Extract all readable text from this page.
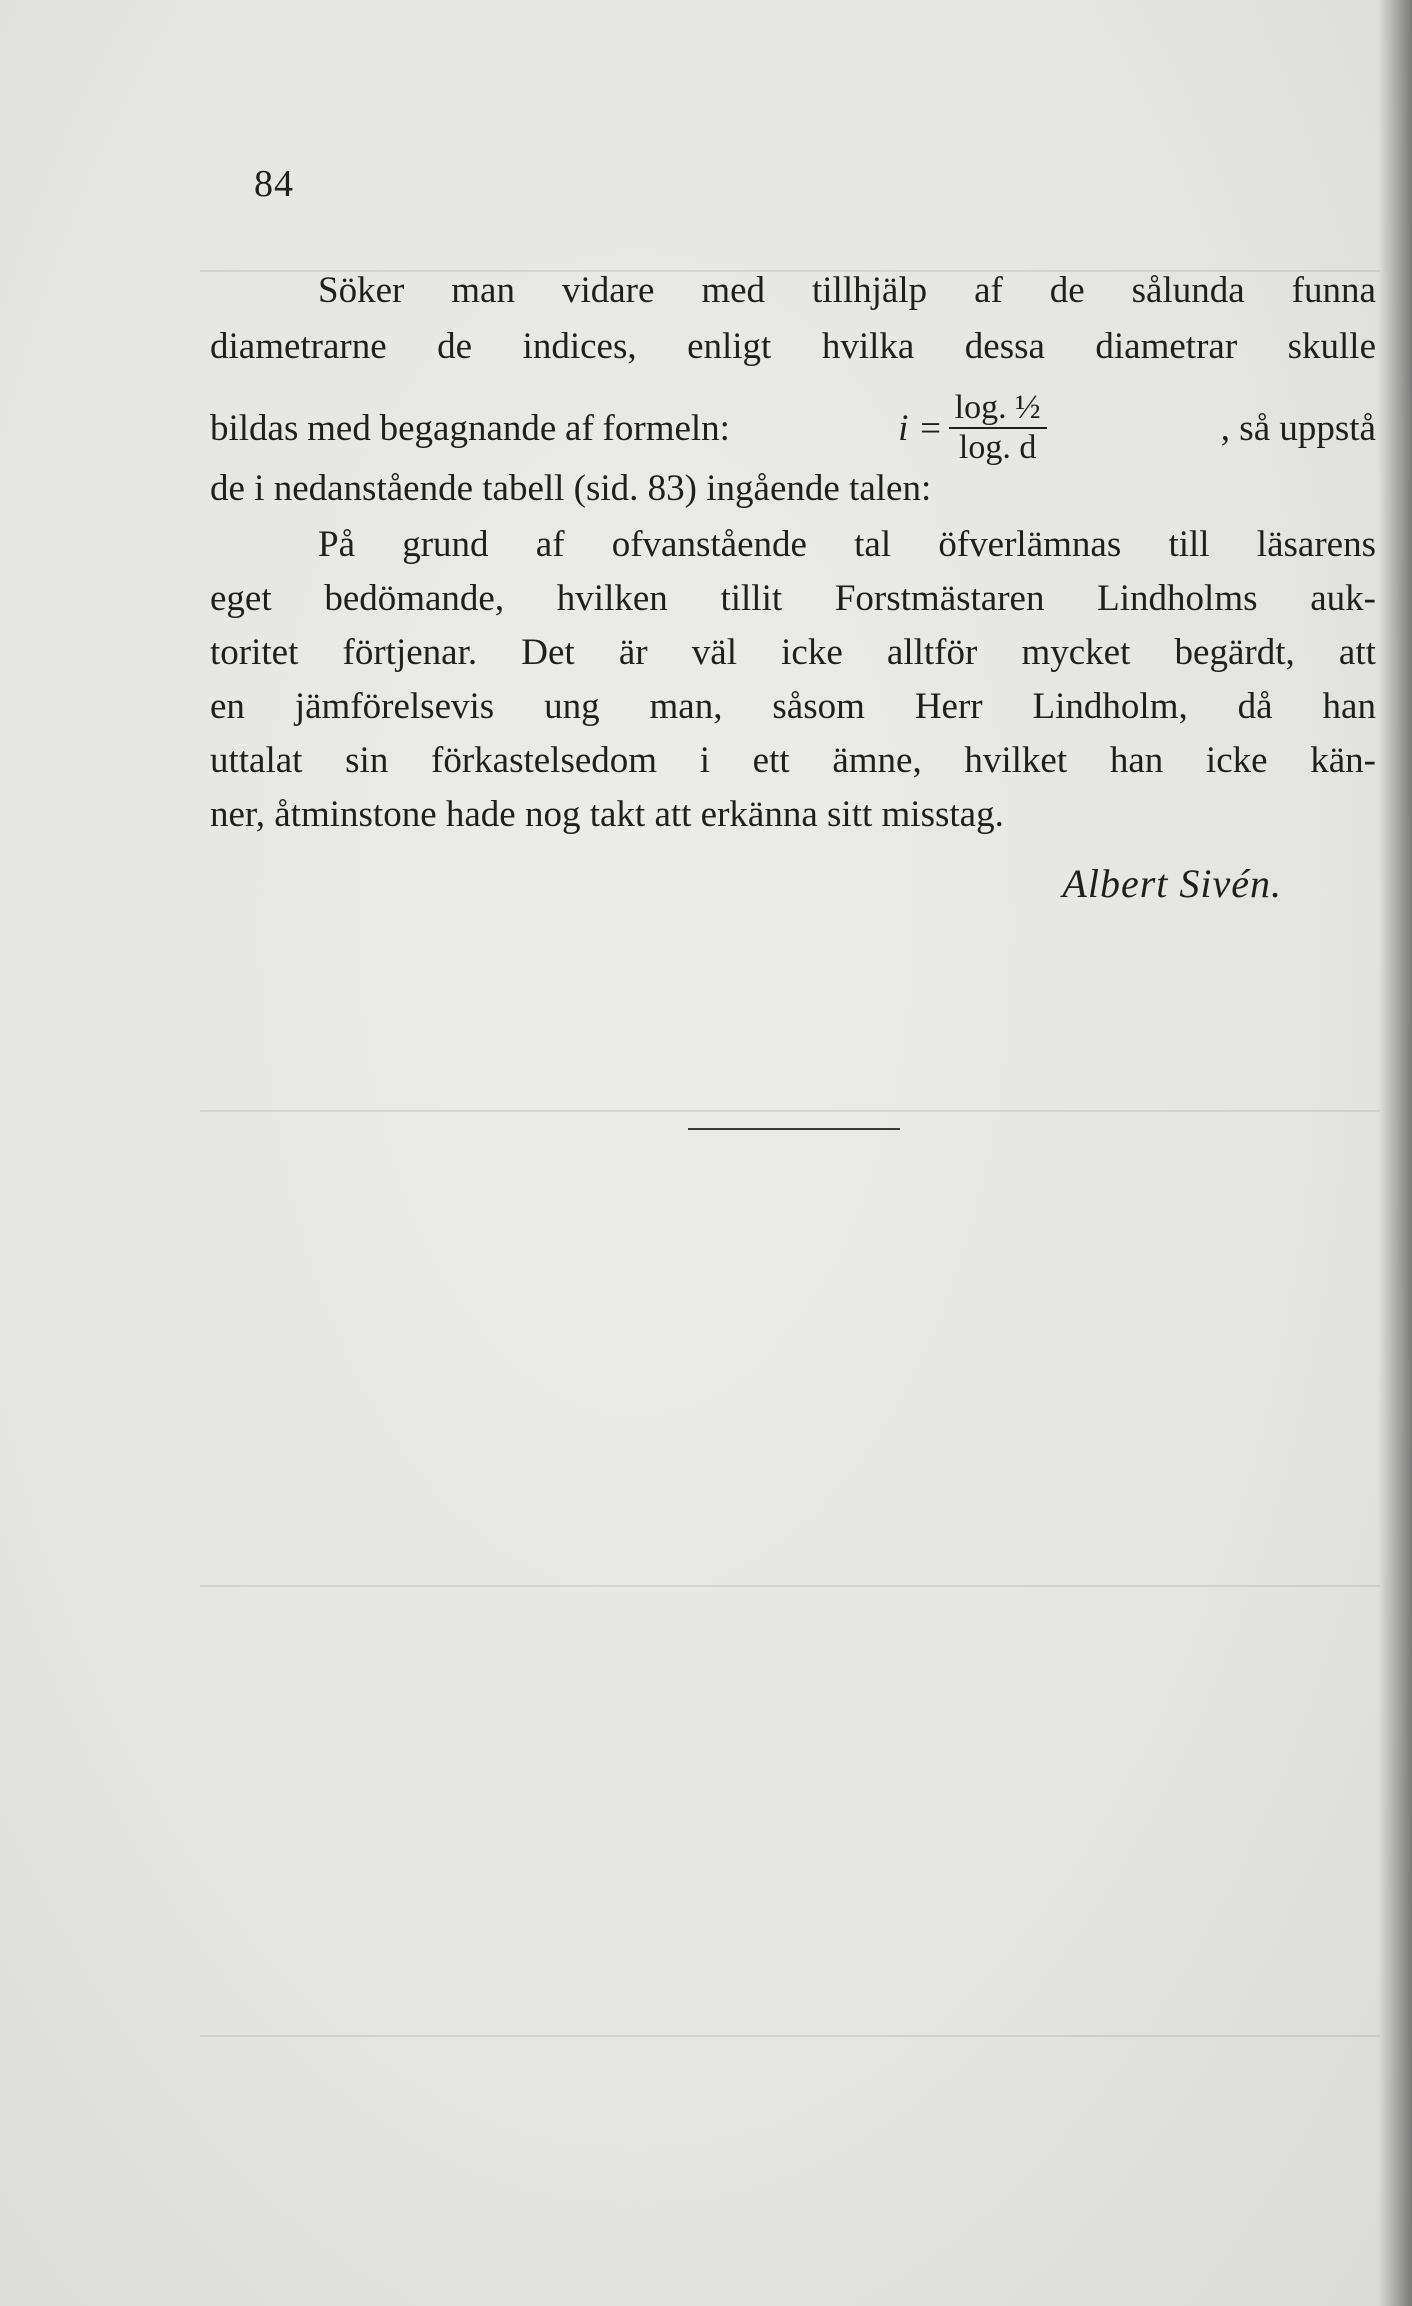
84
Söker man vidare med tillhjälp af de sålunda funna
diametrarne de indices, enligt hvilka dessa diametrar skulle
bildas med begagnande af formeln:	$i = \frac{\text{log. ½}}{\log. d}$	, så uppstå
de i nedanstående tabell (sid. 83) ingående talen:
På grund af ofvanstående tal öfverlämnas till läsarens
eget bedömande, hvilken tillit Forstmästaren Lindholms auk-
toritet förtjenar. Det är väl icke alltför mycket begärdt, att
en jämförelsevis ung man, såsom Herr Lindholm, då han
uttalat sin förkastelsedom i ett ämne, hvilket han icke kän-
ner, åtminstone hade nog takt att erkänna sitt misstag.
Albert Sivén.
